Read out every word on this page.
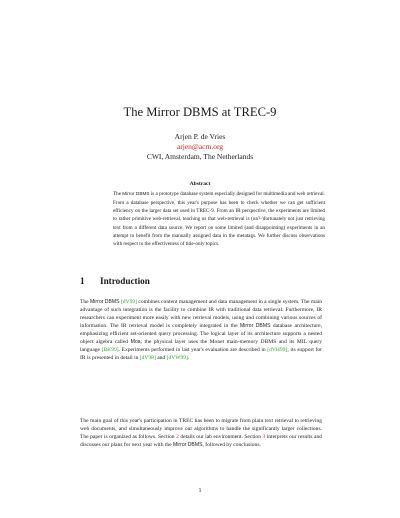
The Mirror DBMS at TREC-9
Arjen P. de Vries
arjen@acm.org
CWI, Amsterdam, The Netherlands
Abstract
The Mirror DBMS is a prototype database system especially designed for multimedia and web retrieval. From a database perspective, this year's purpose has been to check whether we can get sufficient efficiency on the larger data set used in TREC-9. From an IR perspective, the experiments are limited to rather primitive web-retrieval, teaching us that web-retrieval is (un?-)fortunately not just retrieving text from a different data source. We report on some limited (and disappointing) experiments in an attempt to benefit from the manually assigned data in the metatags. We further discuss observations with respect to the effectiveness of title-only topics.
1 Introduction
The Mirror DBMS [dV99] combines content management and data management in a single system. The main advantage of such integration is the facility to combine IR with traditional data retrieval. Furthermore, IR researchers can experiment more easily with new retrieval models, using and combining various sources of information. The IR retrieval model is completely integrated in the Mirror DBMS database architecture, emphasizing efficient set-oriented query processing. The logical layer of its architecture supports a nested object algebra called Moa; the physical layer uses the Monet main-memory DBMS and its MIL query language [BK99]. Experiments performed in last year's evaluation are described in [dVH99]; its support for IR is presented in detail in [dV98] and [dVW99].
The main goal of this year's participation in TREC has been to migrate from plain text retrieval to retrieving web documents, and simultaneously improve our algorithms to handle the significantly larger collections. The paper is organized as follows. Section 2 details our lab environment. Section 3 interprets our results and discusses our plans for next year with the Mirror DBMS, followed by conclusions.
1
